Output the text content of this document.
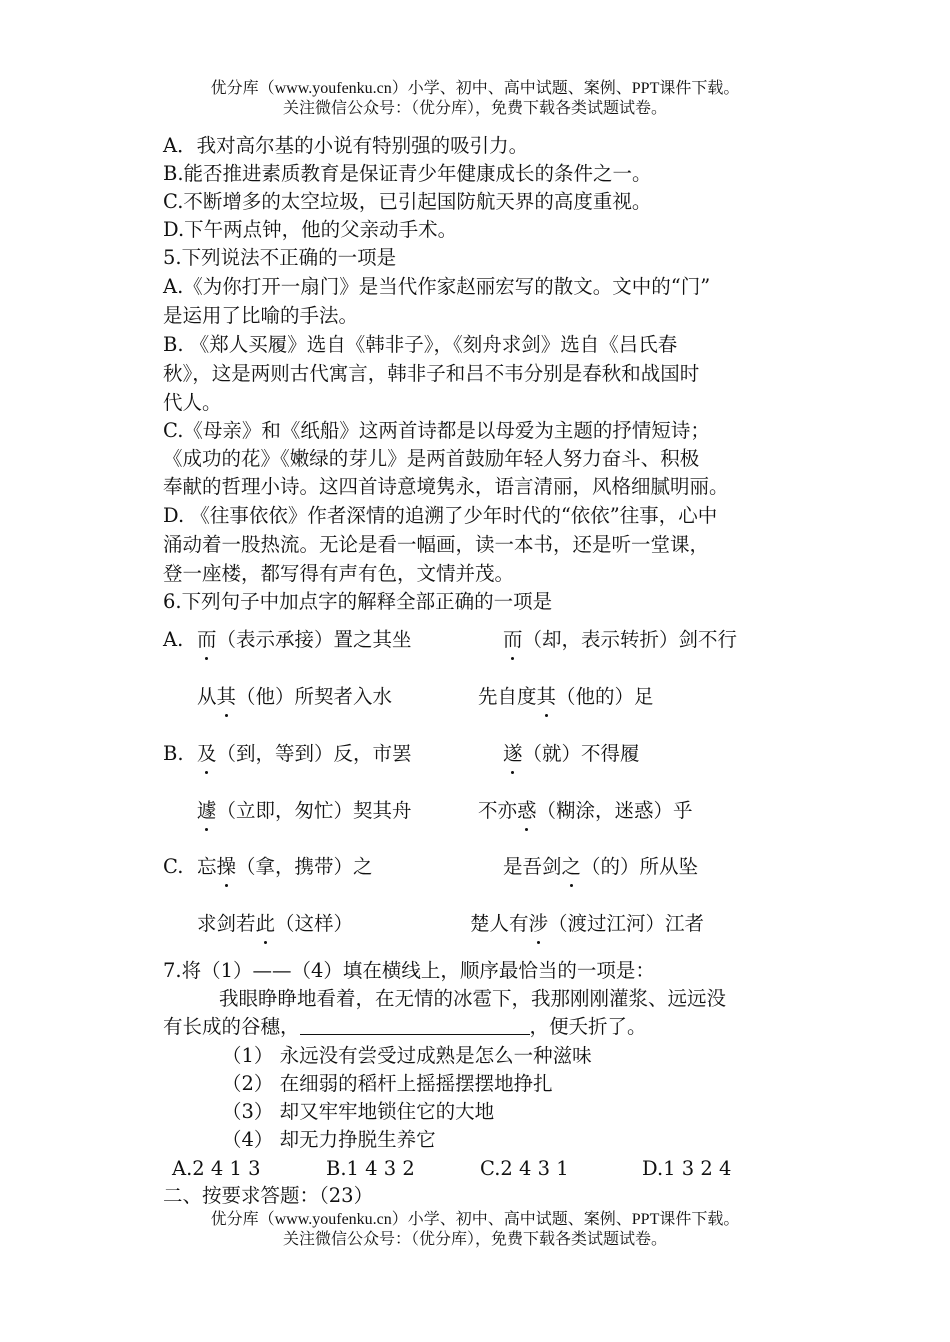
优分库（www.youfenku.cn）小学、初中、高中试题、案例、PPT课件下载。
关注微信公众号：（优分库），免费下载各类试题试卷。
A．我对高尔基的小说有特别强的吸引力。
B.能否推进素质教育是保证青少年健康成长的条件之一。
C.不断增多的太空垃圾，已引起国防航天界的高度重视。
D.下午两点钟，他的父亲动手术。
5.下列说法不正确的一项是
A.《为你打开一扇门》是当代作家赵丽宏写的散文。文中的“门”
是运用了比喻的手法。
B. 《郑人买履》选自《韩非子》，《刻舟求剑》选自《吕氏春
秋》，这是两则古代寓言，韩非子和吕不韦分别是春秋和战国时
代人。
C.《母亲》和《纸船》这两首诗都是以母爱为主题的抒情短诗；
《成功的花》《嫩绿的芽儿》是两首鼓励年轻人努力奋斗、积极
奉献的哲理小诗。这四首诗意境隽永，语言清丽，风格细腻明丽。
D. 《往事依依》作者深情的追溯了少年时代的“依依”往事，心中
涌动着一股热流。无论是看一幅画，读一本书，还是听一堂课，
登一座楼，都写得有声有色，文情并茂。
6.下列句子中加点字的解释全部正确的一项是
A. 而（表示承接）置之其坐	而（却，表示转折）剑不行
从其（他）所契者入水	先自度其（他的）足
B. 及（到，等到）反，市罢	遂（就）不得履
遽（立即，匆忙）契其舟	不亦惑（糊涂，迷惑）乎
C. 忘操（拿，携带）之	是吾剑之（的）所从坠
求剑若此（这样）	楚人有涉（渡过江河）江者
7.将（1）——（4）填在横线上，顺序最恰当的一项是：
我眼睁睁地看着，在无情的冰雹下，我那刚刚灌浆、远远没
有长成的谷穗，	，便夭折了。
（1） 永远没有尝受过成熟是怎么一种滋味
（2） 在细弱的稻杆上摇摇摆摆地挣扎
（3） 却又牢牢地锁住它的大地
（4） 却无力挣脱生养它
A.2 4 1 3	B.1 4 3 2	C.2 4 3 1	D.1 3 2 4
二、按要求答题：（23）
优分库（www.youfenku.cn）小学、初中、高中试题、案例、PPT课件下载。
关注微信公众号：（优分库），免费下载各类试题试卷。
